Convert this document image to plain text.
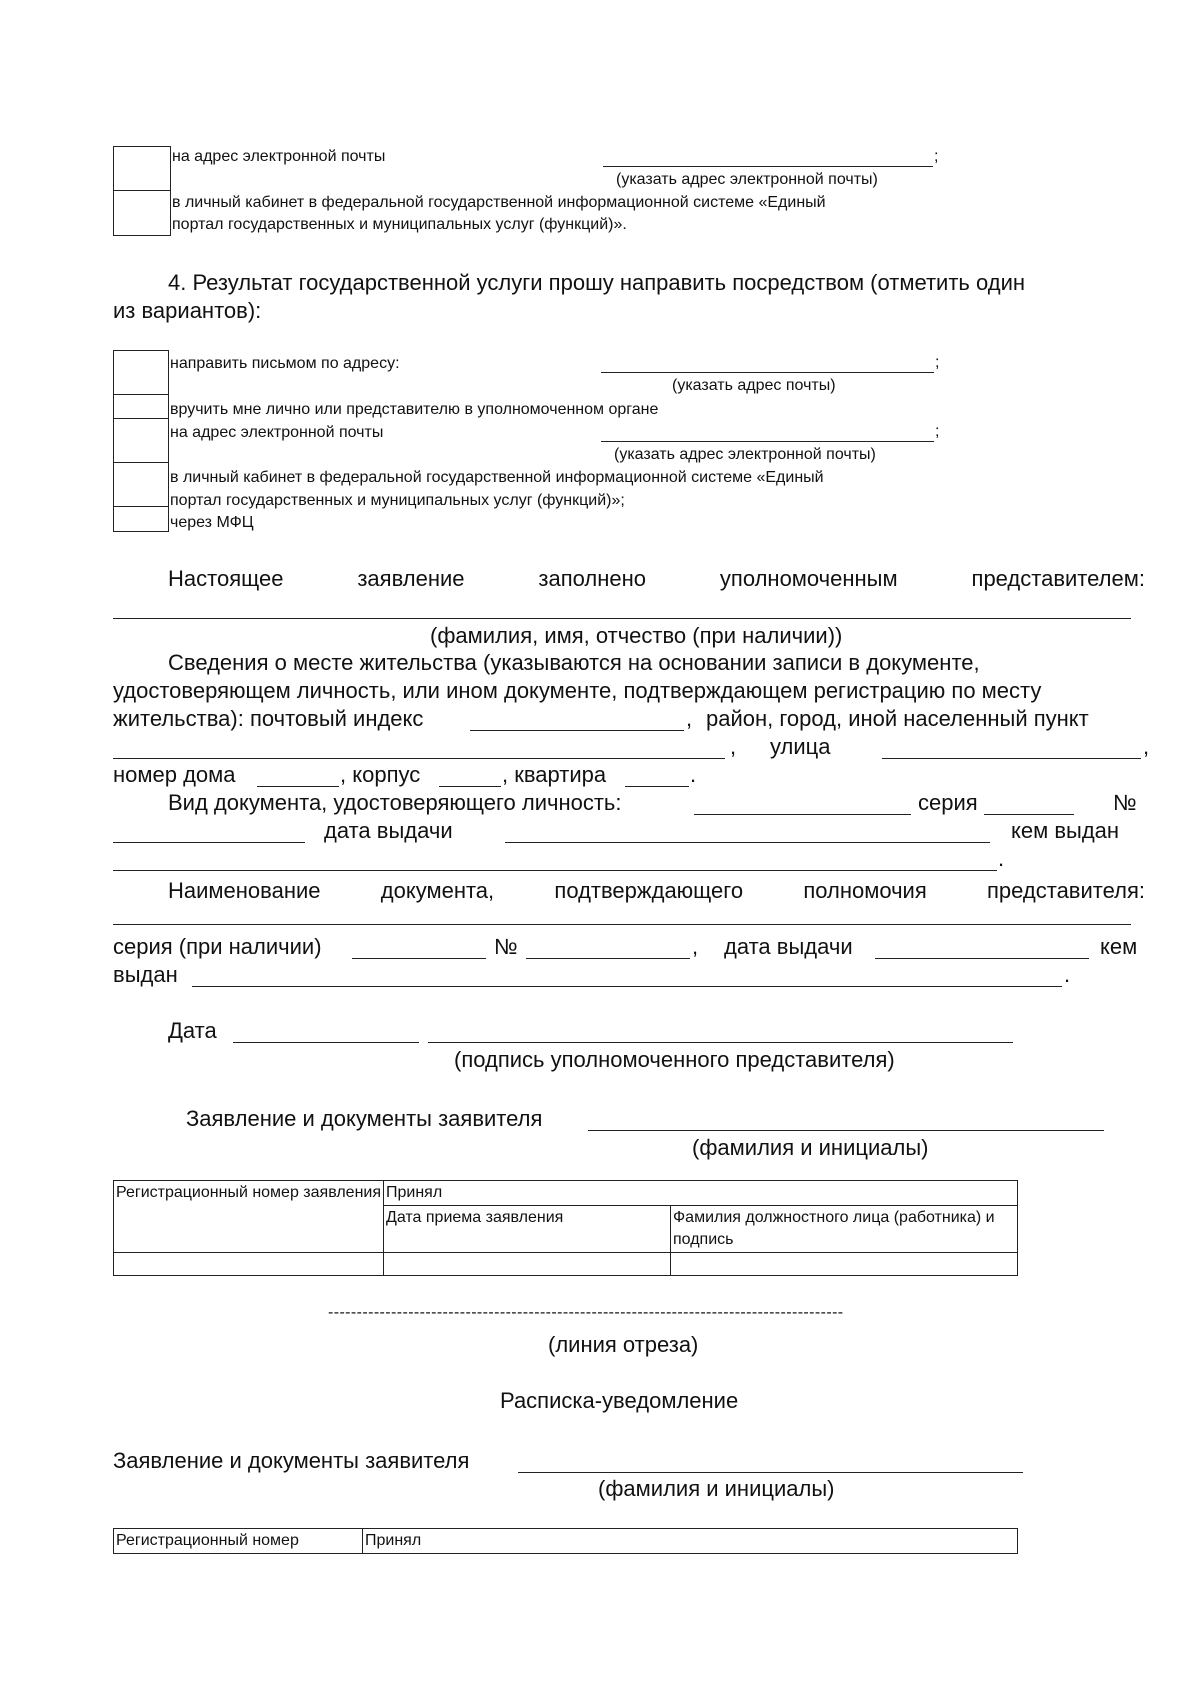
на адрес электронной почты	;
(указать адрес электронной почты)
в личный кабинет в федеральной государственной информационной системе «Единый
портал государственных и муниципальных услуг (функций)».
4. Результат государственной услуги прошу направить посредством (отметить один
из вариантов):
направить письмом по адресу:	;
(указать адрес почты)
вручить мне лично или представителю в уполномоченном органе
на адрес электронной почты	;
(указать адрес электронной почты)
в личный кабинет в федеральной государственной информационной системе «Единый
портал государственных и муниципальных услуг (функций)»;
через МФЦ
Настоящее	заявление	заполнено	уполномоченным	представителем:
(фамилия, имя, отчество (при наличии))
Сведения о месте жительства (указываются на основании записи в документе,
удостоверяющем личность, или ином документе, подтверждающем регистрацию по месту
жительства): почтовый индекс	, район, город, иной населенный пункт
, улица	,
номер дома	, корпус	, квартира	.
Вид документа, удостоверяющего личность:	серия	№
дата выдачи	кем выдан
.
Наименование	документа,	подтверждающего	полномочия	представителя:
серия (при наличии)	№	, дата выдачи	кем
выдан	.
Дата
(подпись уполномоченного представителя)
Заявление и документы заявителя
(фамилия и инициалы)
Регистрационный номер заявления	Принял	
	Дата приема заявления	Фамилия должностного лица (работника) и подпись

------------------------------------------------------------------------------------------
(линия отреза)
Расписка-уведомление
Заявление и документы заявителя
(фамилия и инициалы)
Регистрационный номер	Принял
